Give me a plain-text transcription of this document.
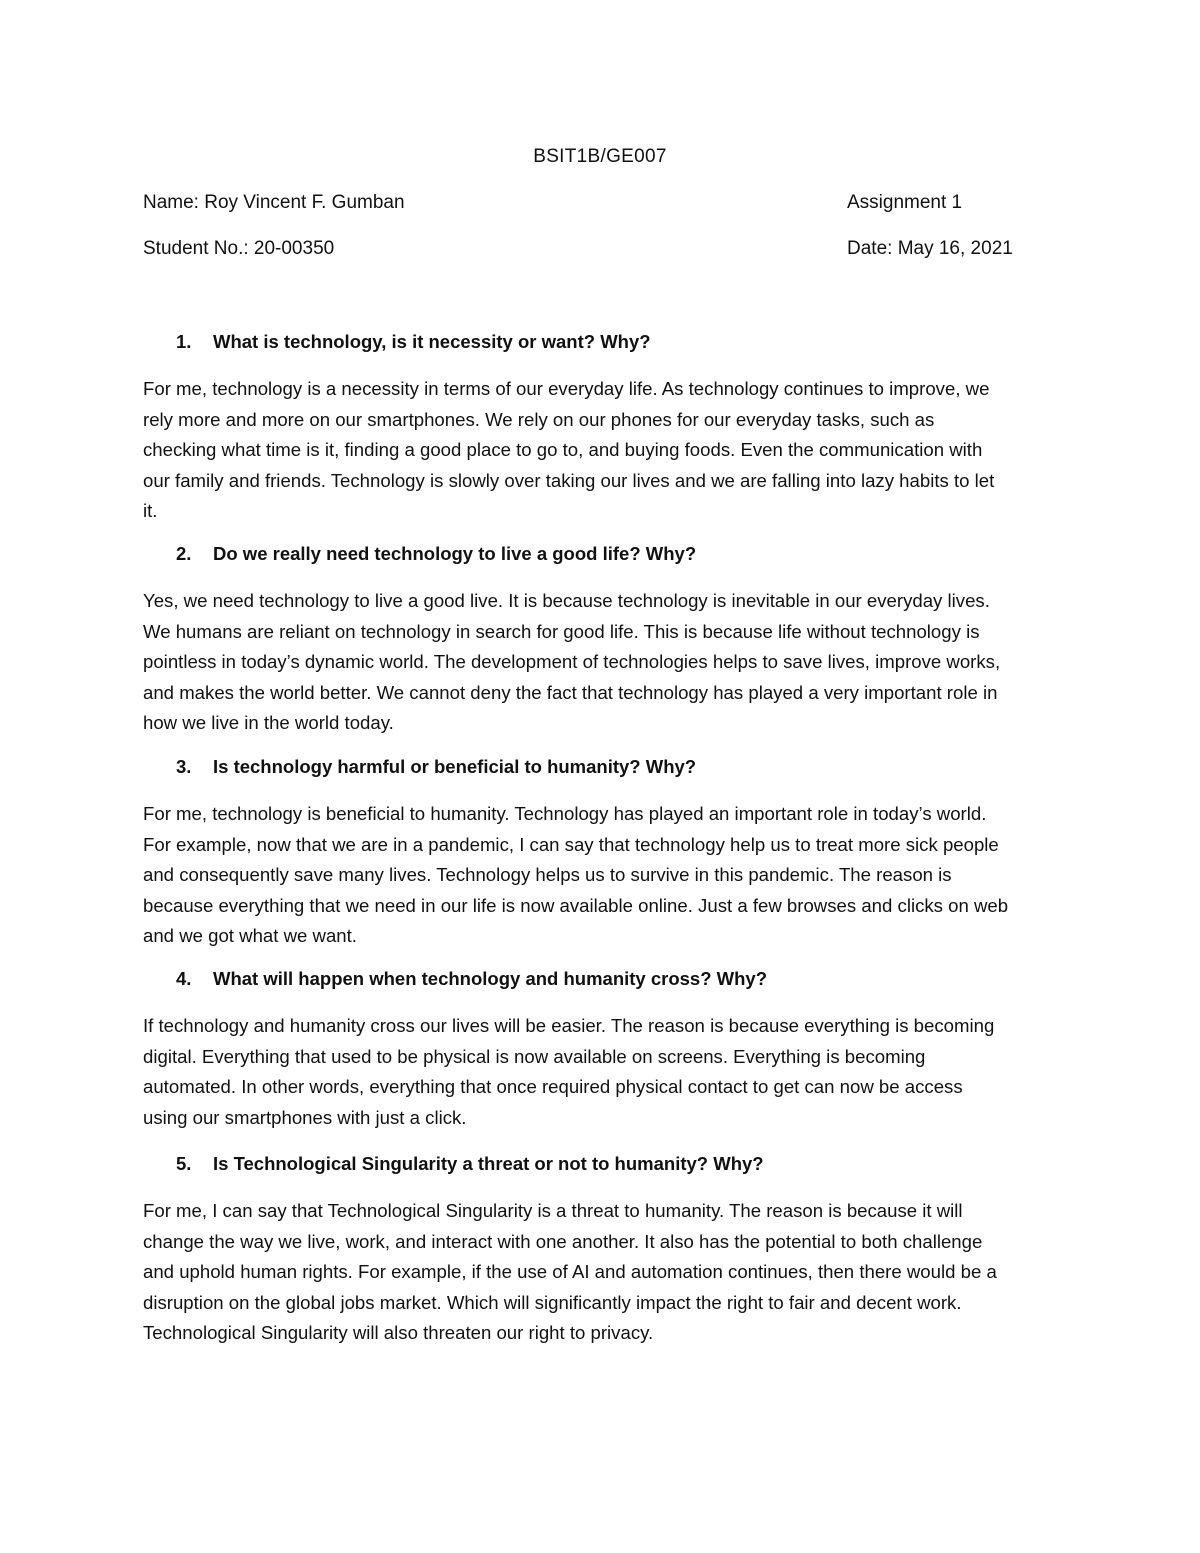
BSIT1B/GE007
Name: Roy Vincent F. Gumban	Assignment 1
Student No.: 20-00350	Date: May 16, 2021
1. What is technology, is it necessity or want? Why?
For me, technology is a necessity in terms of our everyday life. As technology continues to improve, we
rely more and more on our smartphones. We rely on our phones for our everyday tasks, such as
checking what time is it, finding a good place to go to, and buying foods. Even the communication with
our family and friends. Technology is slowly over taking our lives and we are falling into lazy habits to let
it.
2. Do we really need technology to live a good life? Why?
Yes, we need technology to live a good live. It is because technology is inevitable in our everyday lives.
We humans are reliant on technology in search for good life. This is because life without technology is
pointless in today’s dynamic world. The development of technologies helps to save lives, improve works,
and makes the world better. We cannot deny the fact that technology has played a very important role in
how we live in the world today.
3. Is technology harmful or beneficial to humanity? Why?
For me, technology is beneficial to humanity. Technology has played an important role in today’s world.
For example, now that we are in a pandemic, I can say that technology help us to treat more sick people
and consequently save many lives. Technology helps us to survive in this pandemic. The reason is
because everything that we need in our life is now available online. Just a few browses and clicks on web
and we got what we want.
4. What will happen when technology and humanity cross? Why?
If technology and humanity cross our lives will be easier. The reason is because everything is becoming
digital. Everything that used to be physical is now available on screens. Everything is becoming
automated. In other words, everything that once required physical contact to get can now be access
using our smartphones with just a click.
5. Is Technological Singularity a threat or not to humanity? Why?
For me, I can say that Technological Singularity is a threat to humanity. The reason is because it will
change the way we live, work, and interact with one another. It also has the potential to both challenge
and uphold human rights. For example, if the use of AI and automation continues, then there would be a
disruption on the global jobs market. Which will significantly impact the right to fair and decent work.
Technological Singularity will also threaten our right to privacy.
